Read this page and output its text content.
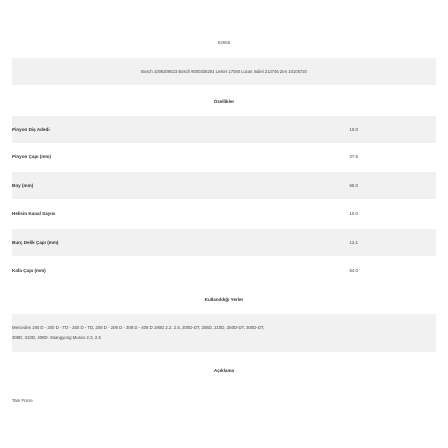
53655
Bosch 1006209523 Bosch 9000336291 Lester 17040 Lucas Indiel 213746 Zen 10105720
Özellikler
Pinyon Diş Adedi	10.0
Pinyon Çapı (mm)	27.5
Boy (mm)	65.0
Helisin Kanal Sayısı	10.0
Burç Delik Çapı (mm)	12.1
Kafa Çapı (mm)	54.0
Kullanıldığı Yerler
Mercedes 190 D - 200 D - TD - 250 D - TD, 208 D - 209 D - 308 D - 408 D 190D 2.2, 2.5, 200D-DT, 208D, 210D, 250D-DT, 300D-DT,
308D, 310D, 408D. Ssangyong Musso 2.3, 2.5
Açıklama
Tam Freze
